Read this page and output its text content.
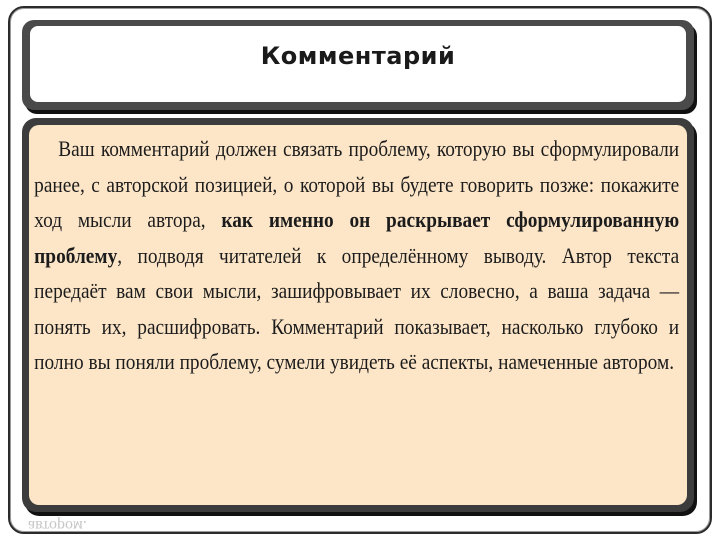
Комментарий

Ваш комментарий должен связать проблему, которую вы сформулировали ранее, с авторской позицией, о которой вы будете говорить позже: покажите ход мысли автора, как именно он раскрывает сформулированную проблему, подводя читателей к определённому выводу. Автор текста передаёт вам свои мысли, зашифровывает их словесно, а ваша задача — понять их, расшифровать. Комментарий показывает, насколько глубоко и полно вы поняли проблему, сумели увидеть её аспекты, намеченные автором.

автором.
